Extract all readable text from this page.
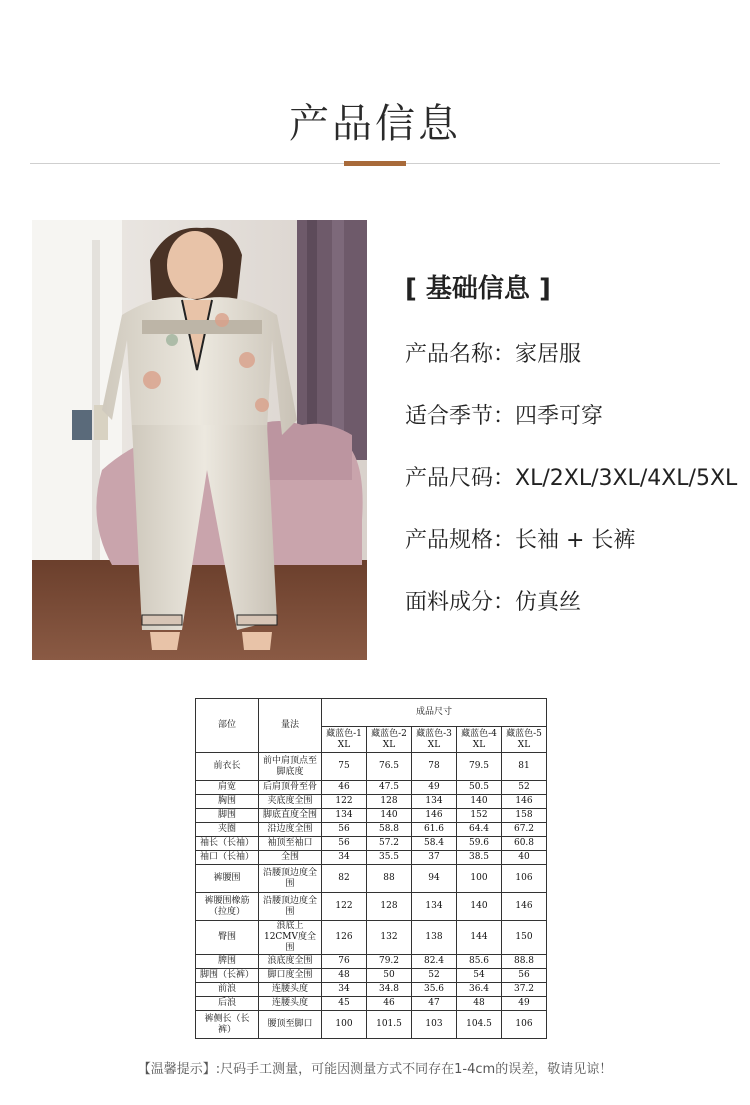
产品信息
[ 基础信息 ]
产品名称：家居服
适合季节：四季可穿
产品尺码：XL/2XL/3XL/4XL/5XL
产品规格：长袖 + 长裤
面料成分：仿真丝
部位	量法	成品尺寸				
		藏蓝色-1 XL	藏蓝色-2 XL	藏蓝色-3 XL	藏蓝色-4 XL	藏蓝色-5 XL
前衣长	前中肩顶点至脚底度	75	76.5	78	79.5	81
肩宽	后肩顶骨至骨	46	47.5	49	50.5	52
胸围	夹底度全围	122	128	134	140	146
脚围	脚底直度全围	134	140	146	152	158
夹圈	沿边度全围	56	58.8	61.6	64.4	67.2
袖长（长袖）	袖顶至袖口	56	57.2	58.4	59.6	60.8
袖口（长袖）	全围	34	35.5	37	38.5	40
裤腰围	沿腰顶边度全围	82	88	94	100	106
裤腰围橡筋（拉度）	沿腰顶边度全围	122	128	134	140	146
臀围	浪底上12CMV度全围	126	132	138	144	150
脾围	浪底度全围	76	79.2	82.4	85.6	88.8
脚围（长裤）	脚口度全围	48	50	52	54	56
前浪	连腰头度	34	34.8	35.6	36.4	37.2
后浪	连腰头度	45	46	47	48	49
裤侧长（长裤）	腰顶至脚口	100	101.5	103	104.5	106
【温馨提示】:尺码手工测量，可能因测量方式不同存在1-4cm的误差，敬请见谅！
